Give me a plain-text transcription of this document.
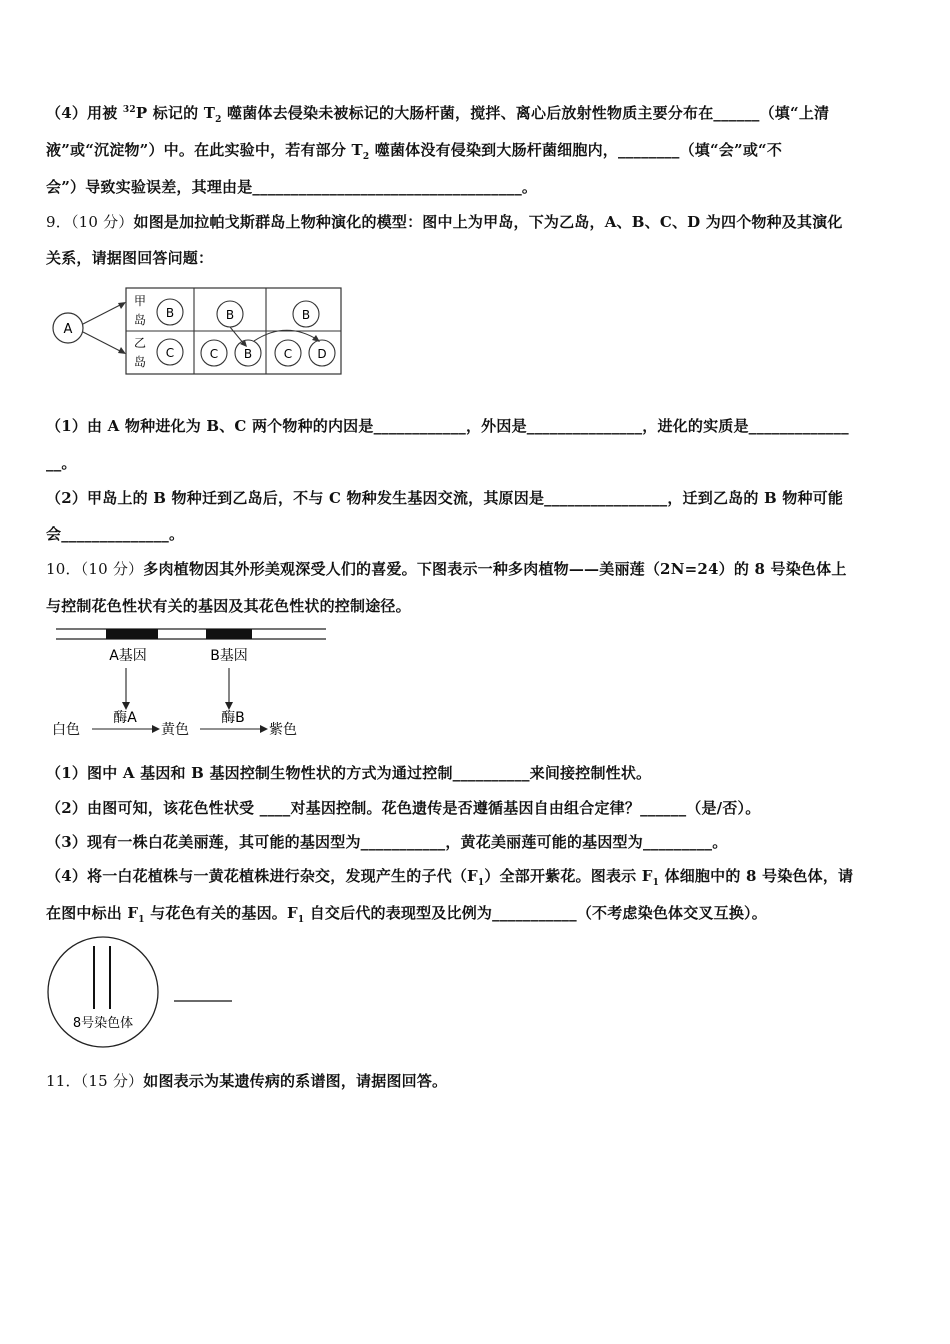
（4）用被 $^{32}$P 标记的 $T_2$ 噬菌体去侵染未被标记的大肠杆菌，搅拌、离心后放射性物质主要分布在______（填“上清
液”或“沉淀物”）中。在此实验中，若有部分 $T_2$ 噬菌体没有侵染到大肠杆菌细胞内，________（填“会”或“不
会”）导致实验误差，其理由是___________________________________。
9．（10 分）如图是加拉帕戈斯群岛上物种演化的模型：图中上为甲岛，下为乙岛，A、B、C、D 为四个物种及其演化
关系，请据图回答问题：
A
甲
岛
乙
岛
B
C
B
C B
B
C D
（1）由 A 物种进化为 B、C 两个物种的内因是____________，外因是_______________，进化的实质是_____________
__。
（2）甲岛上的 B 物种迁到乙岛后，不与 C 物种发生基因交流，其原因是________________，迁到乙岛的 B 物种可能
会______________。
10．（10 分）多肉植物因其外形美观深受人们的喜爱。下图表示一种多肉植物——美丽莲（2N=24）的 8 号染色体上
与控制花色性状有关的基因及其花色性状的控制途径。
A基因	B基因
酶A	酶B
白色	黄色	紫色
（1）图中 A 基因和 B 基因控制生物性状的方式为通过控制__________来间接控制性状。
（2）由图可知，该花色性状受 ____对基因控制。花色遗传是否遵循基因自由组合定律？______（是/否）。
（3）现有一株白花美丽莲，其可能的基因型为___________，黄花美丽莲可能的基因型为_________。
（4）将一白花植株与一黄花植株进行杂交，发现产生的子代$(F_1)$全部开紫花。图表示 $F_1$ 体细胞中的 8 号染色体，请
在图中标出 $F_1$ 与花色有关的基因。$F_1$ 自交后代的表现型及比例为___________（不考虑染色体交叉互换）。
8号染色体
11．（15 分）如图表示为某遗传病的系谱图，请据图回答。
